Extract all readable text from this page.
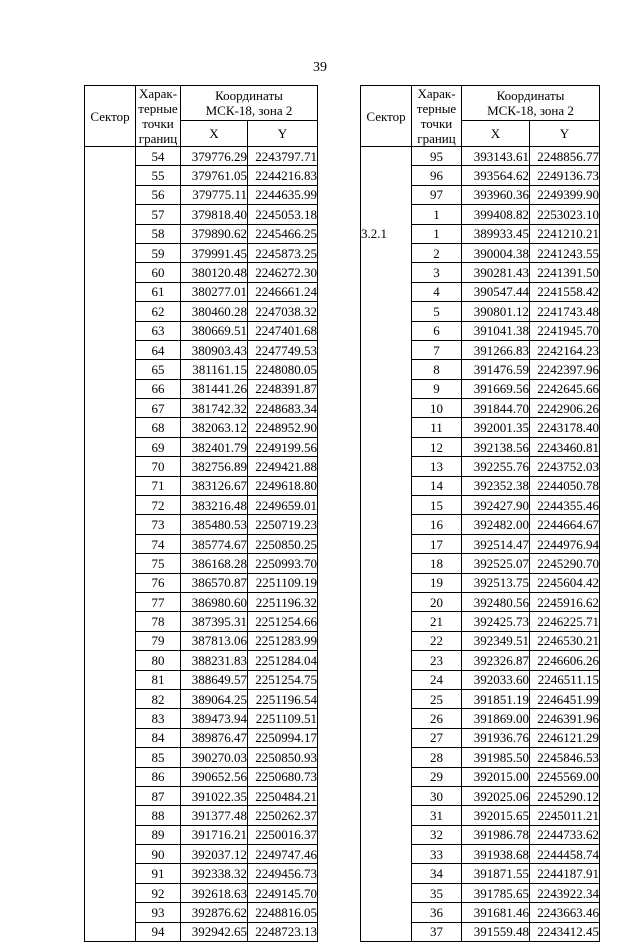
39
Сектор	Харак-
терные
точки
границ	Координаты
МСК-18, зона 2	
		X	Y
	54	379776.29	2243797.71
	55	379761.05	2244216.83
	56	379775.11	2244635.99
	57	379818.40	2245053.18
	58	379890.62	2245466.25
	59	379991.45	2245873.25
	60	380120.48	2246272.30
	61	380277.01	2246661.24
	62	380460.28	2247038.32
	63	380669.51	2247401.68
	64	380903.43	2247749.53
	65	381161.15	2248080.05
	66	381441.26	2248391.87
	67	381742.32	2248683.34
	68	382063.12	2248952.90
	69	382401.79	2249199.56
	70	382756.89	2249421.88
	71	383126.67	2249618.80
	72	383216.48	2249659.01
	73	385480.53	2250719.23
	74	385774.67	2250850.25
	75	386168.28	2250993.70
	76	386570.87	2251109.19
	77	386980.60	2251196.32
	78	387395.31	2251254.66
	79	387813.06	2251283.99
	80	388231.83	2251284.04
	81	388649.57	2251254.75
	82	389064.25	2251196.54
	83	389473.94	2251109.51
	84	389876.47	2250994.17
	85	390270.03	2250850.93
	86	390652.56	2250680.73
	87	391022.35	2250484.21
	88	391377.48	2250262.37
	89	391716.21	2250016.37
	90	392037.12	2249747.46
	91	392338.32	2249456.73
	92	392618.63	2249145.70
	93	392876.62	2248816.05
	94	392942.65	2248723.13
Сектор	Харак-
терные
точки
границ	Координаты
МСК-18, зона 2	
		X	Y
	95	393143.61	2248856.77
	96	393564.62	2249136.73
	97	393960.36	2249399.90
	1	399408.82	2253023.10
3.2.1	1	389933.45	2241210.21
	2	390004.38	2241243.55
	3	390281.43	2241391.50
	4	390547.44	2241558.42
	5	390801.12	2241743.48
	6	391041.38	2241945.70
	7	391266.83	2242164.23
	8	391476.59	2242397.96
	9	391669.56	2242645.66
	10	391844.70	2242906.26
	11	392001.35	2243178.40
	12	392138.56	2243460.81
	13	392255.76	2243752.03
	14	392352.38	2244050.78
	15	392427.90	2244355.46
	16	392482.00	2244664.67
	17	392514.47	2244976.94
	18	392525.07	2245290.70
	19	392513.75	2245604.42
	20	392480.56	2245916.62
	21	392425.73	2246225.71
	22	392349.51	2246530.21
	23	392326.87	2246606.26
	24	392033.60	2246511.15
	25	391851.19	2246451.99
	26	391869.00	2246391.96
	27	391936.76	2246121.29
	28	391985.50	2245846.53
	29	392015.00	2245569.00
	30	392025.06	2245290.12
	31	392015.65	2245011.21
	32	391986.78	2244733.62
	33	391938.68	2244458.74
	34	391871.55	2244187.91
	35	391785.65	2243922.34
	36	391681.46	2243663.46
	37	391559.48	2243412.45
